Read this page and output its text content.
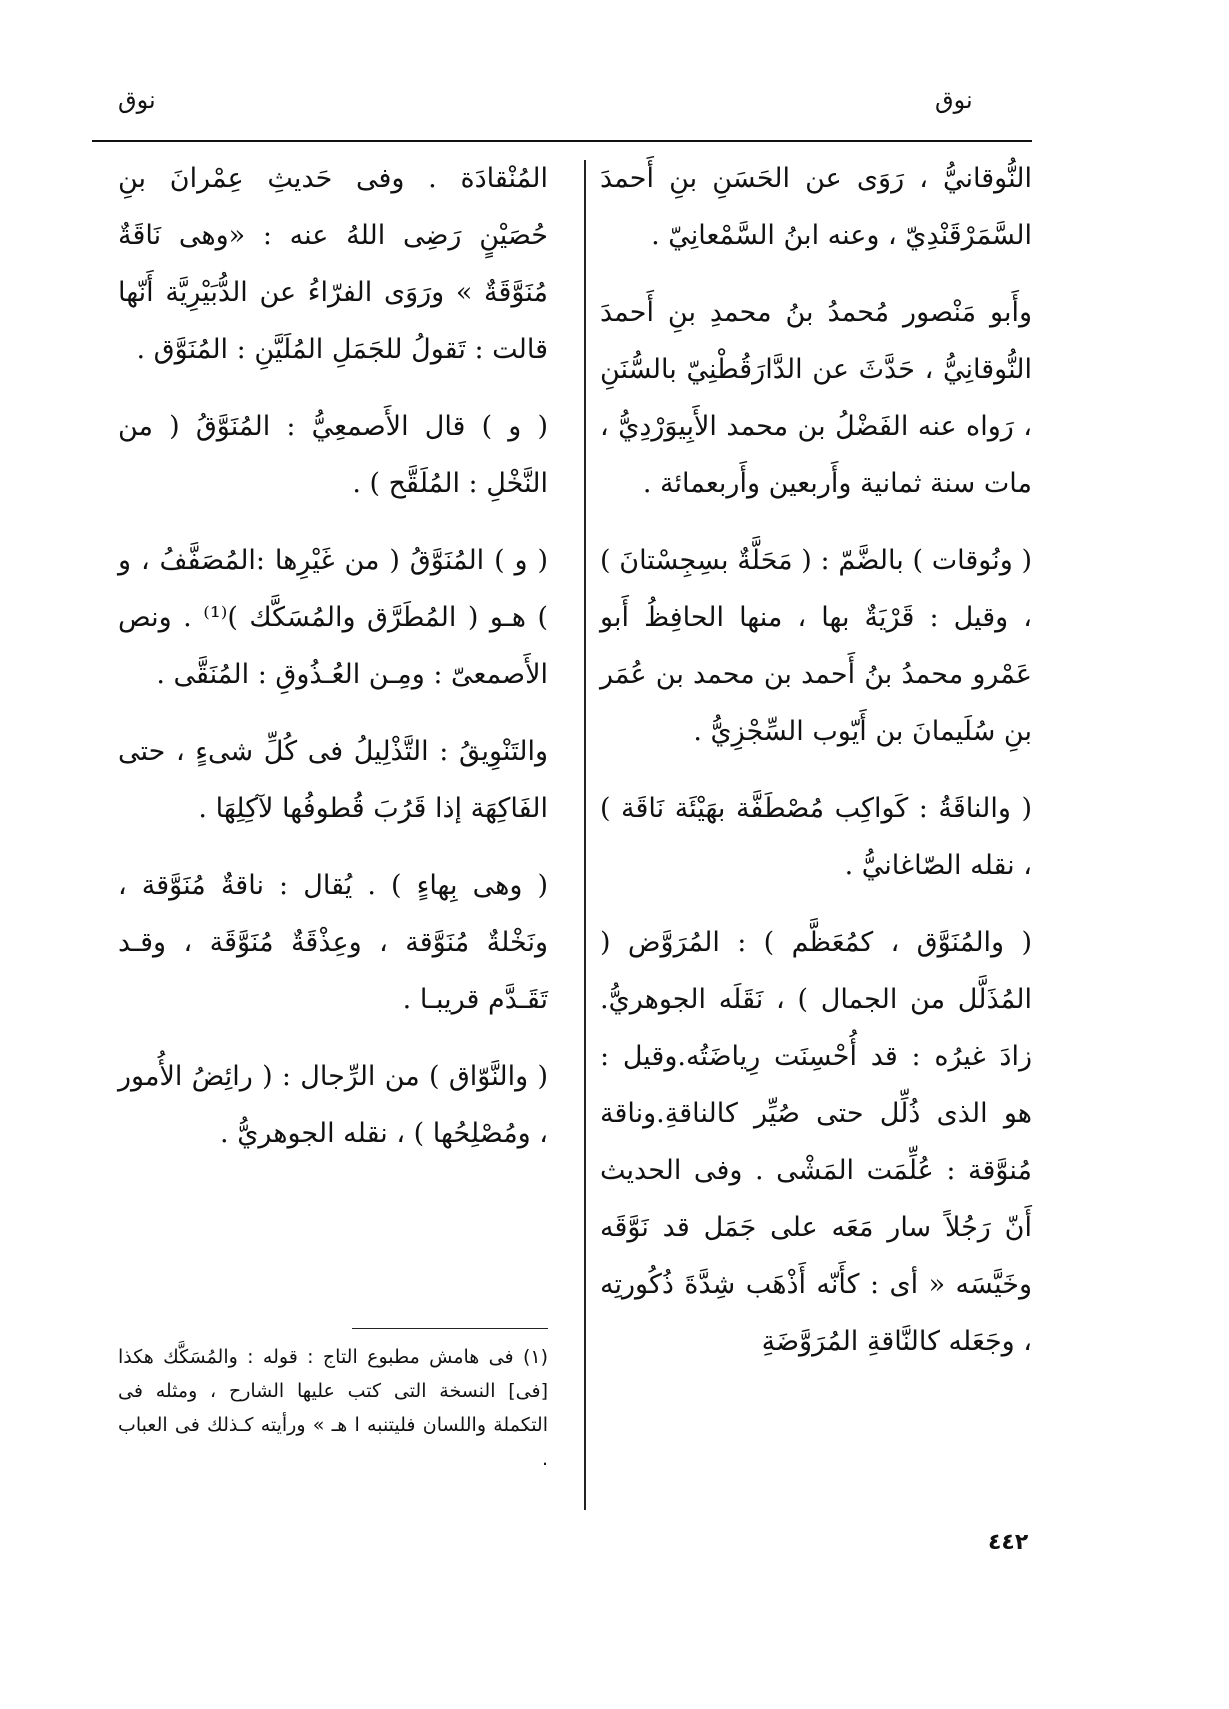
نوق	نوق

النُّوقانيُّ ، رَوَى عن الحَسَنِ بنِ أَحمدَ السَّمَرْقَنْدِيّ ، وعنه ابنُ السَّمْعانِيّ .

وأَبو مَنْصور مُحمدُ بنُ محمدِ بنِ أَحمدَ النُّوقانِيُّ ، حَدَّثَ عن الدَّارَقُطْنِيّ بالسُّنَنِ ، رَواه عنه الفَضْلُ بن محمد الأَبِيوَرْدِيُّ ، مات سنة ثمانية وأَربعين وأَربعمائة .

( ونُوقات ) بالضَّمّ : ( مَحَلَّةٌ بسِجِسْتانَ ) ، وقيل : قَرْيَةٌ بها ، منها الحافِظُ أَبو عَمْرو محمدُ بنُ أَحمد بن محمد بن عُمَر بنِ سُلَيمانَ بن أَيّوب السِّجْزِيُّ .

( والناقَةُ : كَواكِب مُصْطَفَّة بهَيْئَة نَاقَة ) ، نقله الصّاغانيُّ .

( والمُنَوَّق ، كمُعَظَّم ) : المُرَوَّض ( المُذَلَّل من الجمال ) ، نَقَلَه الجوهريُّ. زادَ غيرُه : قد أُحْسِنَت رِياضَتُه.وقيل : هو الذى ذُلِّل حتى صُيِّر كالناقةِ.وناقة مُنوَّقة : عُلِّمَت المَشْى . وفى الحديث أَنّ رَجُلاً سار مَعَه على جَمَل قد نَوَّقَه وخَيَّسَه « أى : كأَنّه أَذْهَب شِدَّةَ ذُكُورتِه ، وجَعَله كالنَّاقةِ المُرَوَّضَةِ

المُنْقادَة . وفى حَديثِ عِمْرانَ بنِ حُصَيْنٍ رَضِى اللهُ عنه : «وهى نَاقَةٌ مُنَوَّقَةٌ » ورَوَى الفرّاءُ عن الدُّبَيْرِيَّة أَنّها قالت : تَقولُ للجَمَلِ المُلَيَّنِ : المُنَوَّق .

( و ) قال الأَصمعِيُّ : المُنَوَّقُ ( من النَّخْلِ : المُلَقَّح ) .

( و ) المُنَوَّقُ ( من غَيْرِها :المُصَفَّفُ ، و ) هـو ( المُطَرَّق والمُسَكَّك )⁽¹⁾ . ونص الأَصمعىّ : ومِـن العُـذُوقِ : المُنَقَّى .

والتَنْوِيقُ : التَّذْلِيلُ فى كُلِّ شىءٍ ، حتى الفَاكِهَة إذا قَرُبَ قُطوفُها لآكِلِهَا .

( وهى بِهاءٍ ) . يُقال : ناقةٌ مُنَوَّقة ، ونَخْلةٌ مُنَوَّقة ، وعِذْقَةٌ مُنَوَّقَة ، وقـد تَقَـدَّم قريبـا .

( والنَّوّاق ) من الرِّجال : ( رائِضُ الأُمور ، ومُصْلِحُها ) ، نقله الجوهريُّ .

(١) فى هامش مطبوع التاج : قوله : والمُسَكَّك هكذا [فى] النسخة التى كتب عليها الشارح ، ومثله فى التكملة واللسان فليتنبه ا هـ » ورأيته كـذلك فى العباب .
٤٤٢
